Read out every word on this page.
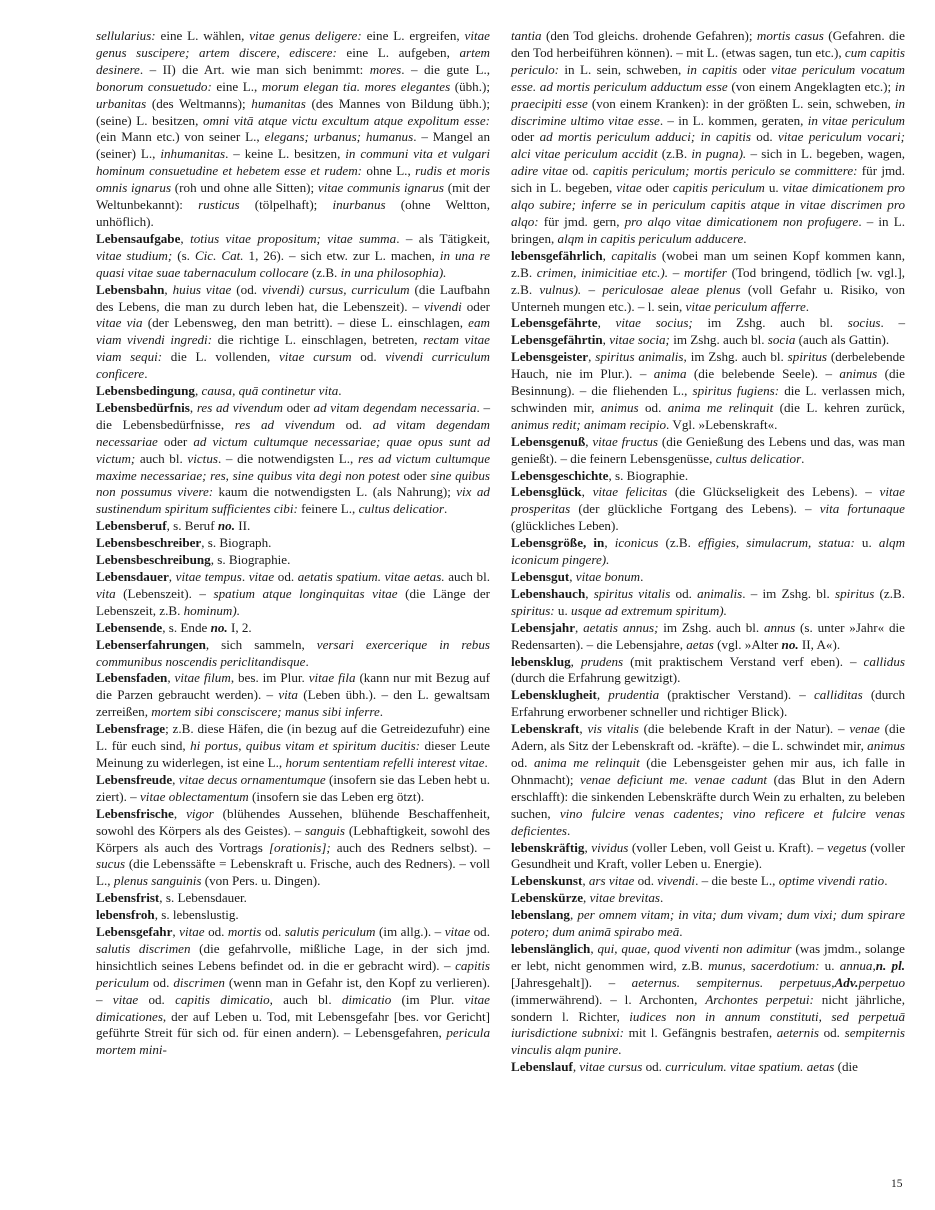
sellularius: eine L. wählen, vitae genus deligere: eine L. ergreifen, vitae genus suscipere; artem discere, ediscere: eine L. aufgeben, artem desinere. – II) die Art. wie man sich benimmt: mores. – die gute L., bonorum consuetudo: eine L., morum elegan tia. mores elegantes (übh.); urbanitas (des Weltmanns); humanitas (des Mannes von Bildung übh.); (seine) L. besitzen, omni vitā atque victu excultum atque expolitum esse: (ein Mann etc.) von seiner L., elegans; urbanus; humanus. – Mangel an (seiner) L., inhumanitas. – keine L. besitzen, in communi vita et vulgari hominum consuetudine et hebetem esse et rudem: ohne L., rudis et moris omnis ignarus (roh und ohne alle Sitten); vitae communis ignarus (mit der Weltunbekannt): rusticus (tölpelhaft); inurbanus (ohne Weltton, unhöflich).

Lebensaufgabe, totius vitae propositum; vitae summa. – als Tätigkeit, vitae studium; (s. Cic. Cat. 1, 26). – sich etw. zur L. machen, in una re quasi vitae suae tabernaculum collocare (z.B. in una philosophia).

Lebensbahn, huius vitae (od. vivendi) cursus, curriculum (die Laufbahn des Lebens, die man zu durch leben hat, die Lebenszeit). – vivendi oder vitae via (der Lebensweg, den man betritt). – diese L. einschlagen, eam viam vivendi ingredi: die richtige L. einschlagen, betreten, rectam vitae viam sequi: die L. vollenden, vitae cursum od. vivendi curriculum conficere.

Lebensbedingung, causa, quā continetur vita.

Lebensbedürfnis, res ad vivendum oder ad vitam degendam necessaria. – die Lebensbedürfnisse, res ad vivendum od. ad vitam degendam necessariae oder ad victum cultumque necessariae; quae opus sunt ad victum; auch bl. victus. – die notwendigsten L., res ad victum cultumque maxime necessariae; res, sine quibus vita degi non potest oder sine quibus non possumus vivere: kaum die notwendigsten L. (als Nahrung); vix ad sustinendum spiritum sufficientes cibi: feinere L., cultus delicatior.

Lebensberuf, s. Beruf no. II.

Lebensbeschreiber, s. Biograph.

Lebensbeschreibung, s. Biographie.

Lebensdauer, vitae tempus. vitae od. aetatis spatium. vitae aetas. auch bl. vita (Lebenszeit). – spatium atque longinquitas vitae (die Länge der Lebenszeit, z.B. hominum).

Lebensende, s. Ende no. I, 2.

Lebenserfahrungen, sich sammeln, versari exercerique in rebus communibus noscendis periclitandisque.

Lebensfaden, vitae filum, bes. im Plur. vitae fila (kann nur mit Bezug auf die Parzen gebraucht werden). – vita (Leben übh.). – den L. gewaltsam zerreißen, mortem sibi consciscere; manus sibi inferre.

Lebensfrage; z.B. diese Häfen, die (in bezug auf die Getreidezufuhr) eine L. für euch sind, hi portus, quibus vitam et spiritum ducitis: dieser Leute Meinung zu widerlegen, ist eine L., horum sententiam refelli interest vitae.

Lebensfreude, vitae decus ornamentumque (insofern sie das Leben hebt u. ziert). – vitae oblectamentum (insofern sie das Leben erg ötzt).

Lebensfrische, vigor (blühendes Aussehen, blühende Beschaffenheit, sowohl des Körpers als des Geistes). – sanguis (Lebhaftigkeit, sowohl des Körpers als auch des Vortrags [orationis]; auch des Redners selbst). – sucus (die Lebenssäfte = Lebenskraft u. Frische, auch des Redners). – voll L., plenus sanguinis (von Pers. u. Dingen).

Lebensfrist, s. Lebensdauer.

lebensfroh, s. lebenslustig.

Lebensgefahr, vitae od. mortis od. salutis periculum (im allg.). – vitae od. salutis discrimen (die gefahrvolle, mißliche Lage, in der sich jmd. hinsichtlich seines Lebens befindet od. in die er gebracht wird). – capitis periculum od. discrimen (wenn man in Gefahr ist, den Kopf zu verlieren). – vitae od. capitis dimicatio, auch bl. dimicatio (im Plur. vitae dimicationes, der auf Leben u. Tod, mit Lebensgefahr [bes. vor Gericht] geführte Streit für sich od. für einen andern). – Lebensgefahren, pericula mortem mini-

tantia (den Tod gleichs. drohende Gefahren); mortis casus (Gefahren. die den Tod herbeiführen können). – mit L. (etwas sagen, tun etc.), cum capitis periculo: in L. sein, schweben, in capitis oder vitae periculum vocatum esse. ad mortis periculum adductum esse (von einem Angeklagten etc.); in praecipiti esse (von einem Kranken): in der größten L. sein, schweben, in discrimine ultimo vitae esse. – in L. kommen, geraten, in vitae periculum oder ad mortis periculum adduci; in capitis od. vitae periculum vocari; alci vitae periculum accidit (z.B. in pugna). – sich in L. begeben, wagen, adire vitae od. capitis periculum; mortis periculo se committere: für jmd. sich in L. begeben, vitae oder capitis periculum u. vitae dimicationem pro alqo subire; inferre se in periculum capitis atque in vitae discrimen pro alqo: für jmd. gern, pro alqo vitae dimicationem non profugere. – in L. bringen, alqm in capitis periculum adducere.

lebensgefährlich, capitalis (wobei man um seinen Kopf kommen kann, z.B. crimen, inimicitiae etc.). – mortifer (Tod bringend, tödlich [w. vgl.], z.B. vulnus). – periculosae aleae plenus (voll Gefahr u. Risiko, von Unterneh mungen etc.). – l. sein, vitae periculum afferre.

Lebensgefährte, vitae socius; im Zshg. auch bl. socius. – Lebensgefährtin, vitae socia; im Zshg. auch bl. socia (auch als Gattin).

Lebensgeister, spiritus animalis, im Zshg. auch bl. spiritus (derbelebende Hauch, nie im Plur.). – anima (die belebende Seele). – animus (die Besinnung). – die fliehenden L., spiritus fugiens: die L. verlassen mich, schwinden mir, animus od. anima me relinquit (die L. kehren zurück, animus redit; animam recipio. Vgl. »Lebenskraft«.

Lebensgenuß, vitae fructus (die Genießung des Lebens und das, was man genießt). – die feinern Lebensgenüsse, cultus delicatior.

Lebensgeschichte, s. Biographie.

Lebensglück, vitae felicitas (die Glückseligkeit des Lebens). – vitae prosperitas (der glückliche Fortgang des Lebens). – vita fortunaque (glückliches Leben).

Lebensgröße, in, iconicus (z.B. effigies, simulacrum, statua: u. alqm iconicum pingere).

Lebensgut, vitae bonum.

Lebenshauch, spiritus vitalis od. animalis. – im Zshg. bl. spiritus (z.B. spiritus: u. usque ad extremum spiritum).

Lebensjahr, aetatis annus; im Zshg. auch bl. annus (s. unter »Jahr« die Redensarten). – die Lebensjahre, aetas (vgl. »Alter no. II, A«).

lebensklug, prudens (mit praktischem Verstand verf eben). – callidus (durch die Erfahrung gewitzigt).

Lebensklugheit, prudentia (praktischer Verstand). – calliditas (durch Erfahrung erworbener schneller und richtiger Blick).

Lebenskraft, vis vitalis (die belebende Kraft in der Natur). – venae (die Adern, als Sitz der Lebenskraft od. -kräfte). – die L. schwindet mir, animus od. anima me relinquit (die Lebensgeister gehen mir aus, ich falle in Ohnmacht); venae deficiunt me. venae cadunt (das Blut in den Adern erschlafft): die sinkenden Lebenskräfte durch Wein zu erhalten, zu beleben suchen, vino fulcire venas cadentes; vino reficere et fulcire venas deficientes.

lebenskräftig, vividus (voller Leben, voll Geist u. Kraft). – vegetus (voller Gesundheit und Kraft, voller Leben u. Energie).

Lebenskunst, ars vitae od. vivendi. – die beste L., optime vivendi ratio.

Lebenskürze, vitae brevitas.

lebenslang, per omnem vitam; in vita; dum vivam; dum vixi; dum spirare potero; dum animā spirabo meā.

lebenslänglich, qui, quae, quod viventi non adimitur (was jmdm., solange er lebt, nicht genommen wird, z.B. munus, sacerdotium: u. annua,n. pl. [Jahresgehalt]). – aeternus. sempiternus. perpetuus,Adv.perpetuo (immerwährend). – l. Archonten, Archontes perpetui: nicht jährliche, sondern l. Richter, iudices non in annum constituti, sed perpetuā iurisdictione subnixi: mit l. Gefängnis bestrafen, aeternis od. sempiternis vinculis alqm punire.

Lebenslauf, vitae cursus od. curriculum. vitae spatium. aetas (die

15
